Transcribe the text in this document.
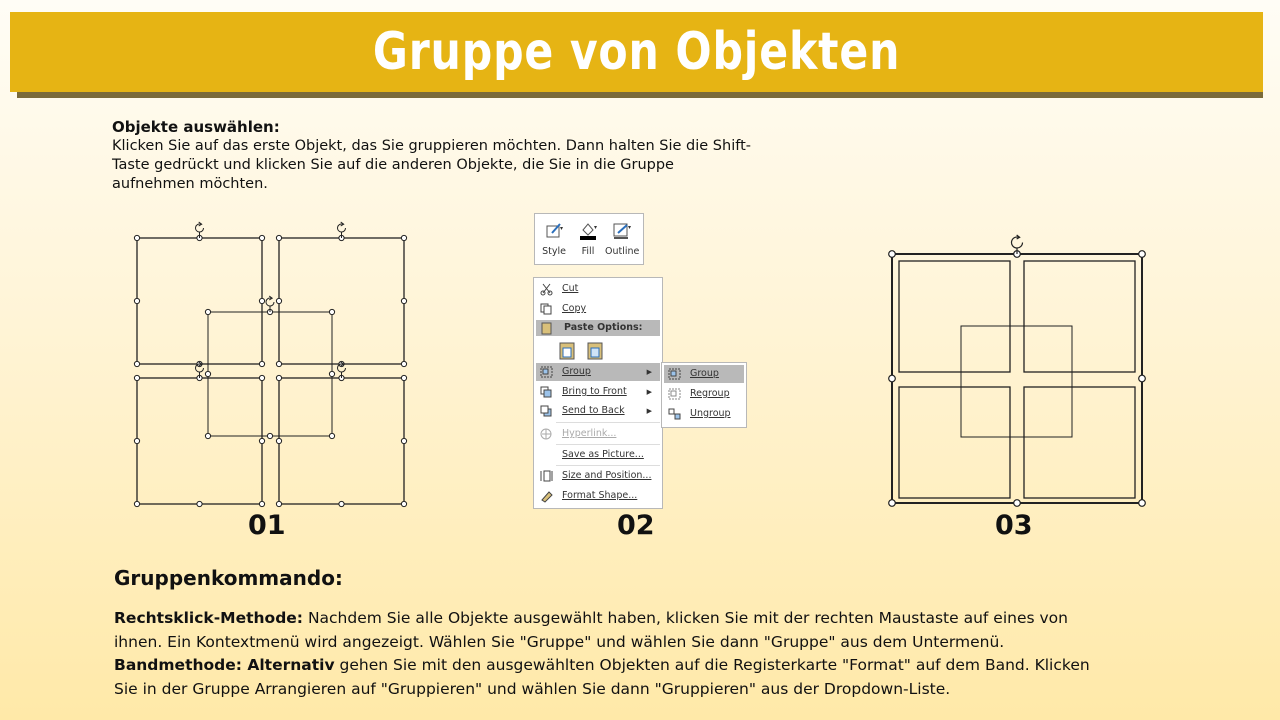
Gruppe von Objekten
Objekte auswählen:
Klicken Sie auf das erste Objekt, das Sie gruppieren möchten. Dann halten Sie die Shift-
Taste gedrückt und klicken Sie auf die anderen Objekte, die Sie in die Gruppe
aufnehmen möchten.
▾
Style
▾
Fill
▾
Outline
Cut
Copy
Paste Options:
Group	▶
Bring to Front	▶
Send to Back	▶
Hyperlink...
Save as Picture...
Size and Position...
Format Shape...
Group
Regroup
Ungroup
01	02	03
Gruppenkommando:

Rechtsklick-Methode: Nachdem Sie alle Objekte ausgewählt haben, klicken Sie mit der rechten Maustaste auf eines von

ihnen. Ein Kontextmenü wird angezeigt. Wählen Sie "Gruppe" und wählen Sie dann "Gruppe" aus dem Untermenü.

Bandmethode: Alternativ gehen Sie mit den ausgewählten Objekten auf die Registerkarte "Format" auf dem Band. Klicken

Sie in der Gruppe Arrangieren auf "Gruppieren" und wählen Sie dann "Gruppieren" aus der Dropdown-Liste.
